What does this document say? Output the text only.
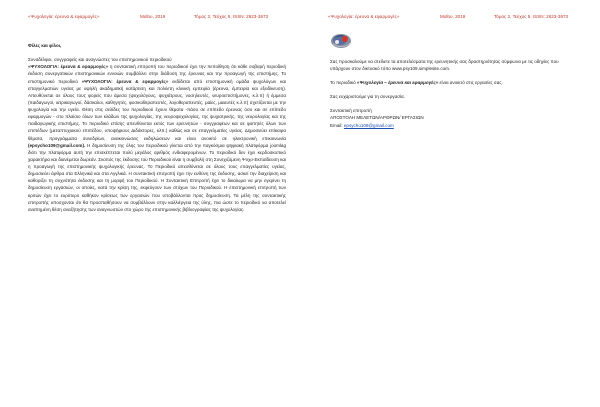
«Ψυχολογία: έρευνα & εφαρμογές»	Μαΐου, 2019	Τόμος 2, Τεύχος 5, ISSN: 2623-3673
Φίλες και φίλοι,

Συναδέλφοι, συγγραφείς και αναγνώστες του επιστημονικού περιοδικού
«ΨΥΧΟΛΟΓΙΑ: έρευνα & εφαρμογές» η συντακτική επιτροπή του περιοδικού έχει την πεποίθηση ότι κάθε σοβαρή περιοδική έκδοση συνεργατικών επιστημονικών εννοιών συμβάλλει στην διάδοση της έρευνας και την προαγωγή της επιστήμης. Το επιστημονικό περιοδικό «ΨΥΧΟΛΟΓΙΑ: έρευνα & εφαρμογές» εκδίδεται από επιστημονική ομάδα ψυχολόγων και επαγγελματιών υγείας με υψηλή ακαδημαϊκή κατάρτιση και πολύετη κλινική εμπειρία (έρευνα, έμπειρία και εξειδίκευση). Απευθύνεται σε όλους τους φορείς που άμεσα (ψυχολόγους, ψυχιάτρους, νοσηλευτές, νευροεπιστήμονες, κ.λ.π) ή έμμεσα (παιδαγωγοί, ιατρικαγωγοί, δάσκαλοι, καθηγητές, φυσικοθεραπευτές, λογοθεραπευτές, μαίες, μαιευτές κ.λ.π) σχετίζονται με την ψυχολογία και την υγεία. Θέση στις σελίδες του περιοδικού έχουν θέματα -πάσο σε επίπεδο έρευνας όσο και σε επίπεδο εφαρμογών - στο πλαίσιο όλων των κλάδων της ψυχολογίας, της νευροψυχολογίας, της ψυχιατρικής, της νευρολογίας και της παιδαγωγικής επιστήμης. Το περιοδικό επίσης απευθύνεται εκτός των ερευνητών - συγγραφέων και σε φοιτητές όλων των επιπέδων (μεταπτυχιακού επιπέδου, υποψήφιους Διδάκτορες, κλπ.) καθώς και σε επαγγελματίες υγείας. Δημοσιεύει επίκαιρα θέματα, προγράμματα συνεδρίων, ανακοινώσεις εκδηλώσεων και είναι ανοικτό σε ηλεκτρονική επικοινωνία (epsycho109@gmail.com). Η δημοσίευση της ύλης του περιοδικού γίνεται από την παγκόσμια ψηφιακή πλατφόρμα joomlag διότι την πλατφόρμα αυτή την επισκέπτεται πολύ μεγάλος αριθμός ενδιαφερομένων. Το περιοδικό δεν έχει κερδοσκοπικό χαρακτήρα και διανέμεται δωρεάν. Σκοπός της έκδοσης του Περιοδικού είναι η συμβολή στη Συνεχιζόμενη Ψυχο-Εκπαίδευση και η προαγωγή της επιστημονικής ψυχολογικής έρευνας. Το Περιοδικό απευθύνεται σε όλους τους επαγγελματίες υγείας, δημοσιεύει άρθρα στα Ελληνικά και στα Αγγλικά. Η συντακτική επιτροπή έχει την ευθύνη της έκδοσης, ασκεί την διαχείριση και καθορίζει τη συχνότητα έκδοσης και τη μορφή του Περιοδικού. Η Συντακτική Επιτροπή έχει το δικαίωμα να μην εγκρίνει τη δημοσίευση εργασιών, οι οποίες, κατά την κρίση της, εκφεύγουν των στόχων του Περιοδικού. Η επιστημονική επιτροπή των κριτών έχει το ευρύτερο καθήκον κρίσεως των εργασιών που υποβάλλονται προς δημοσίευση. Τα μέλη της συντακτικής επιτροπής υποσχονται ότι θα προσπαθήσουν να συμβάλλουν στην καλλιέργεια της ύλης, πια ώστε το περιοδικό να αποτελεί αναπημένη θέση αναζήτησης των αναγνωστών στο χώρο της επιστημονικής βιβλιογραφίας της ψυχολογίας.

«Ψυχολογία: έρευνα & εφαρμογές»	Μαΐου, 2019	Τόμος 2, Τεύχος 5, ISSN: 2623-3673

Σας προσκαλούμε να στείλετε τα αποτελέσματα της ερευνητικής σας δραστηριότητας σύμφωνα με τις οδηγίες που υπάρχουν στον δικτυακό τόπο www.psy109.simplesite.com.

Το περιοδικό «Ψυχολογία – έρευνα και εφαρμογές» είναι ανοικτό στις εργασίες σας.

Σας ευχαριστούμε για τη συνεργασία.

Συντακτική επιτροπή

ΑΠΟΣΤΟΛΗ ΜΕΛΕΤΩΝ/ΑΡΘΡΩΝ/ ΕΡΓΑΣΙΩΝ

Email: epsycho109@gmail.com
